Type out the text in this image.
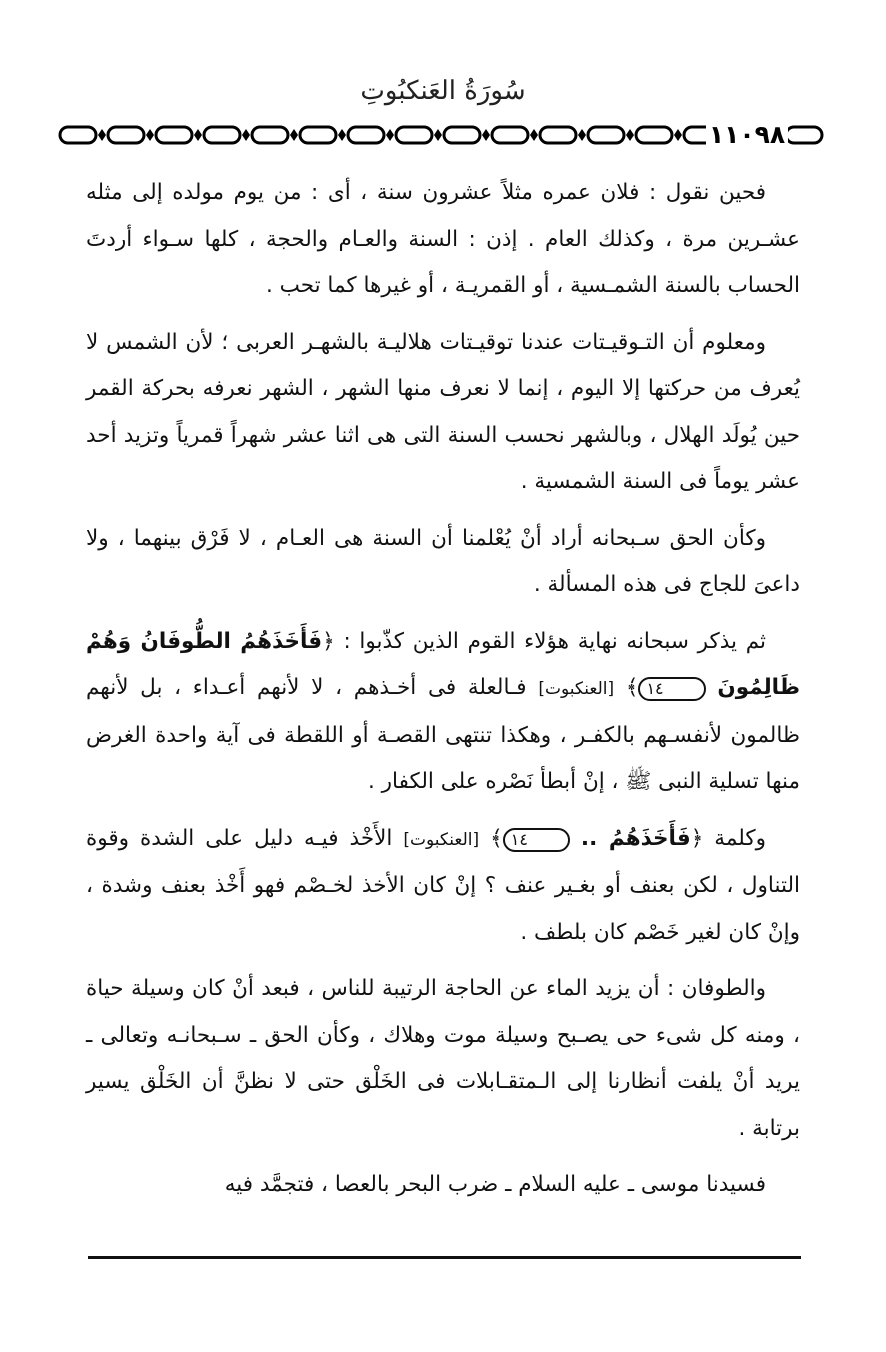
سُورَةُ العَنكبُوتِ
١١٠٩٨

فحين نقول : فلان عمره مثلاً عشرون سنة ، أى : من يوم مولده إلى مثله عشـرين مرة ، وكذلك العام . إذن : السنة والعـام والحجة ، كلها سـواء أردتَ الحساب بالسنة الشمـسية ، أو القمريـة ، أو غيرها كما تحب .

ومعلوم أن التـوقيـتات عندنا توقيـتات هلاليـة بالشهـر العربى ؛ لأن الشمس لا يُعرف من حركتها إلا اليوم ، إنما لا نعرف منها الشهر ، الشهر نعرفه بحركة القمر حين يُولَد الهلال ، وبالشهر نحسب السنة التى هى اثنا عشر شهراً قمرياً وتزيد أحد عشر يوماً فى السنة الشمسية .

وكأن الحق سـبحانه أراد أنْ يُعْلمنا أن السنة هى العـام ، لا فَرْق بينهما ، ولا داعىَ للجاج فى هذه المسألة .

ثم يذكر سبحانه نهاية هؤلاء القوم الذين كذّبوا : ﴿فَأَخَذَهُمُ الطُّوفَانُ وَهُمْ ظَالِمُونَ ١٤﴾ [العنكبوت] فـالعلة فى أخـذهم ، لا لأنهم أعـداء ، بل لأنهم ظالمون لأنفسـهم بالكفـر ، وهكذا تنتهى القصـة أو اللقطة فى آية واحدة الغرض منها تسلية النبى ﷺ ، إنْ أبطأ نَصْره على الكفار .

وكلمة ﴿فَأَخَذَهُمُ .. ١٤﴾ [العنكبوت] الأَخْذ فيـه دليل على الشدة وقوة التناول ، لكن بعنف أو بغـير عنف ؟ إنْ كان الأخذ لخـصْم فهو أَخْذ بعنف وشدة ، وإنْ كان لغير خَصْم كان بلطف .

والطوفان : أن يزيد الماء عن الحاجة الرتيبة للناس ، فبعد أنْ كان وسيلة حياة ، ومنه كل شىء حى يصـبح وسيلة موت وهلاك ، وكأن الحق ـ سـبحانـه وتعالى ـ يريد أنْ يلفت أنظارنا إلى الـمتقـابلات فى الخَلْق حتى لا نظنَّ أن الخَلْق يسير برتابة .

فسيدنا موسى ـ عليه السلام ـ ضرب البحر بالعصا ، فتجمَّد فيه
